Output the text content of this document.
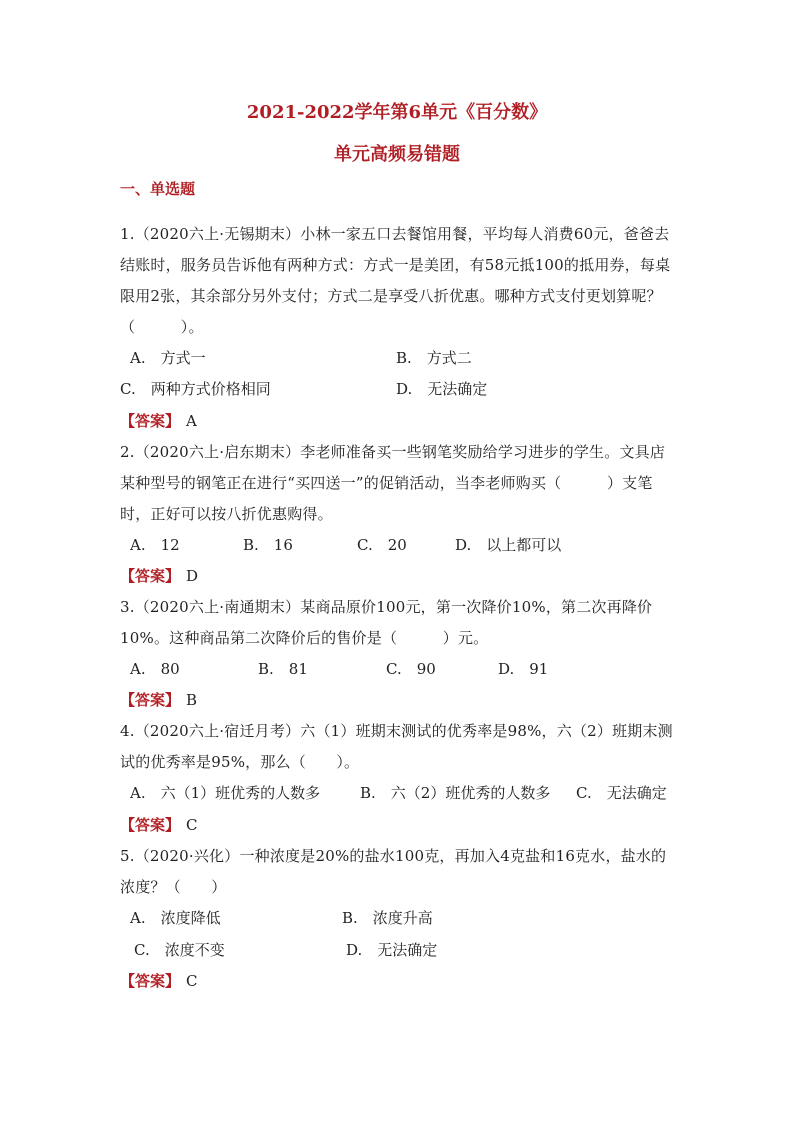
2021-2022学年第6单元《百分数》
单元高频易错题
一、单选题
1.（2020六上·无锡期末）小林一家五口去餐馆用餐，平均每人消费60元，爸爸去结账时，服务员告诉他有两种方式：方式一是美团，有58元抵100的抵用券，每桌限用2张，其余部分另外支付；方式二是享受八折优惠。哪种方式支付更划算呢？（　　　）。
A.　方式一	B.　方式二
C.　两种方式价格相同	D.　无法确定
【答案】 A
2.（2020六上·启东期末）李老师准备买一些钢笔奖励给学习进步的学生。文具店某种型号的钢笔正在进行“买四送一”的促销活动，当李老师购买（　　　）支笔时，正好可以按八折优惠购得。
A.　12	B.　16	C.　20	D.　以上都可以
【答案】 D
3.（2020六上·南通期末）某商品原价100元，第一次降价10%，第二次再降价10%。这种商品第二次降价后的售价是（　　　）元。
A.　80	B.　81	C.　90	D.　91
【答案】 B
4.（2020六上·宿迁月考）六（1）班期末测试的优秀率是98%，六（2）班期末测试的优秀率是95%，那么（　　）。
A.　六（1）班优秀的人数多	B.　六（2）班优秀的人数多 C.　无法确定
【答案】 C
5.（2020·兴化）一种浓度是20%的盐水100克，再加入4克盐和16克水，盐水的浓度？（　　）
A.　浓度降低	B.　浓度升高
C.　浓度不变	D.　无法确定
【答案】 C
